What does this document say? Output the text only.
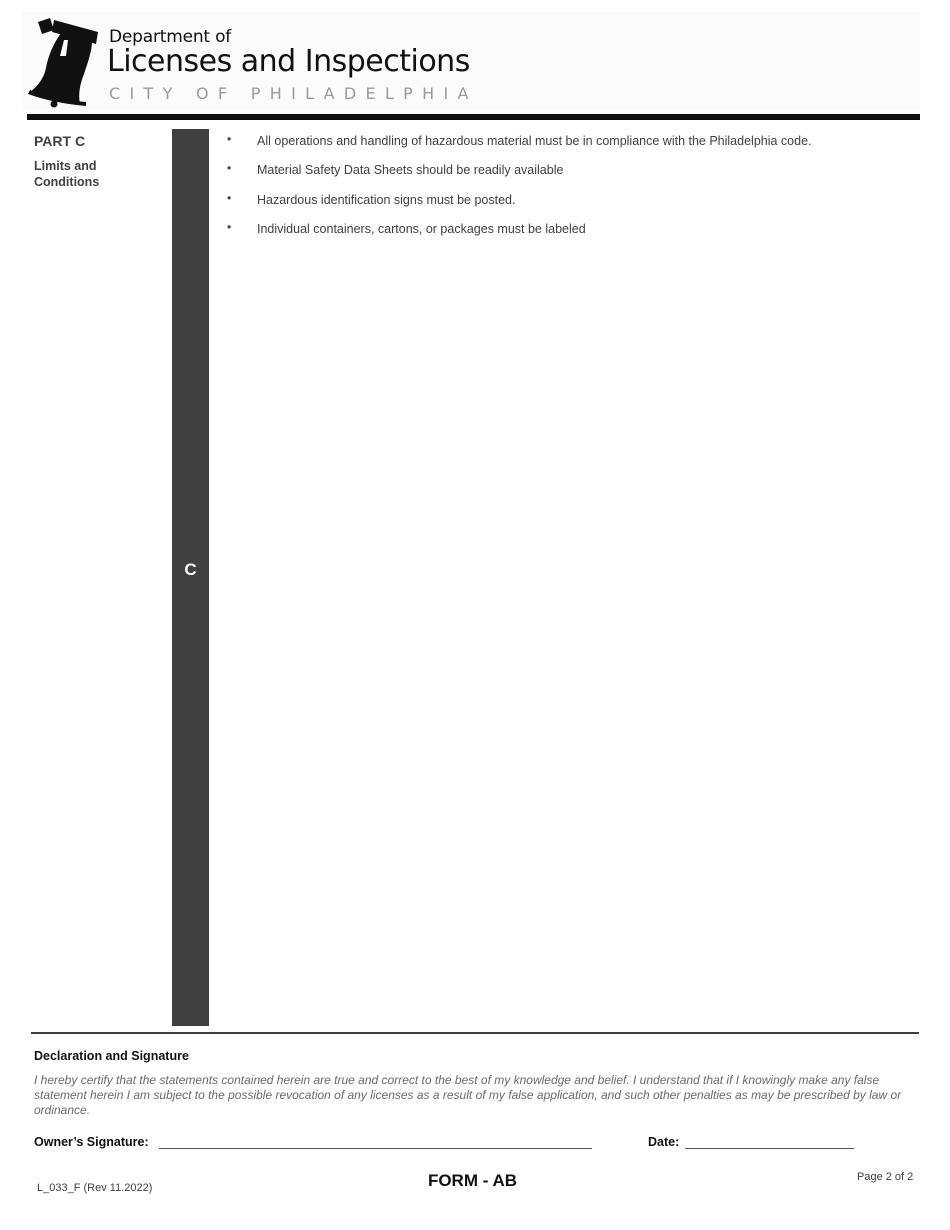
Department of
Licenses and Inspections
CITY OF PHILADELPHIA
PART C
Limits and Conditions
C
• All operations and handling of hazardous material must be in compliance with the Philadelphia code.
• Material Safety Data Sheets should be readily available
• Hazardous identification signs must be posted.
• Individual containers, cartons, or packages must be labeled
Declaration and Signature
I hereby certify that the statements contained herein are true and correct to the best of my knowledge and belief. I understand that if I knowingly make any false statement herein I am subject to the possible revocation of any licenses as a result of my false application, and such other penalties as may be prescribed by law or ordinance.
Owner’s Signature:	Date:
L_033_F (Rev 11.2022)	FORM - AB	Page 2 of 2
